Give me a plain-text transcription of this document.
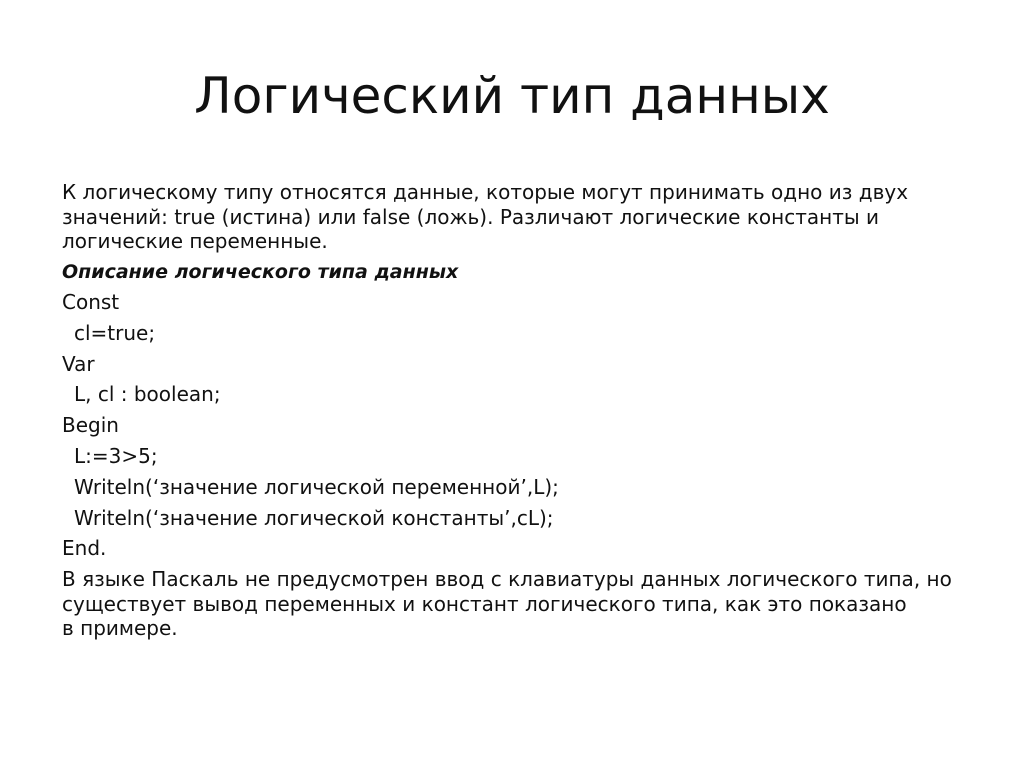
Логический тип данных
К логическому типу относятся данные, которые могут принимать одно из двух
значений: true (истина) или false (ложь). Различают логические константы и
логические переменные.
Описание логического типа данных
Const
cl=true;
Var
L, cl : boolean;
Begin
L:=3>5;
Writeln(‘значение логической переменной’,L);
Writeln(‘значение логической константы’,cL);
End.
В языке Паскаль не предусмотрен ввод с клавиатуры данных логического типа, но
существует вывод переменных и констант логического типа, как это показано
в примере.
